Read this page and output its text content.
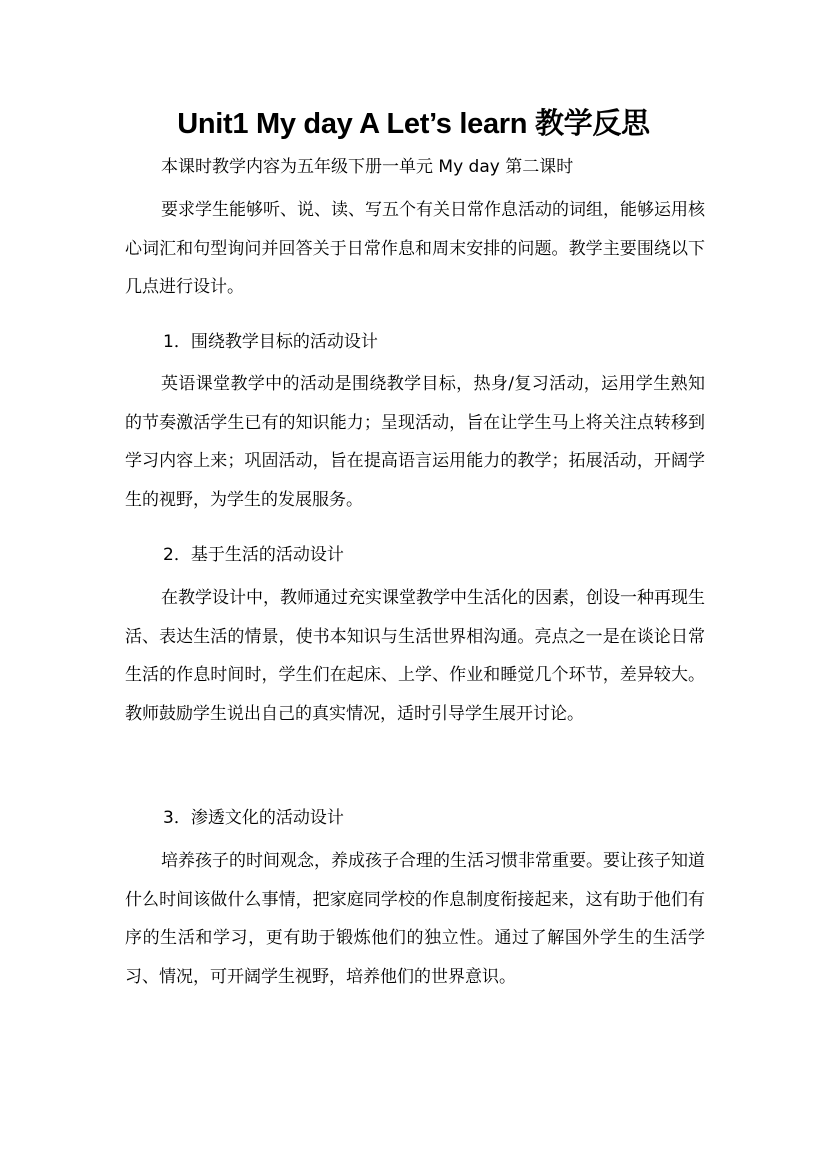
Unit1 My day A Let’s learn 教学反思

本课时教学内容为五年级下册一单元 My day 第二课时

要求学生能够听、说、读、写五个有关日常作息活动的词组，能够运用核心词汇和句型询问并回答关于日常作息和周末安排的问题。教学主要围绕以下几点进行设计。

1．围绕教学目标的活动设计

英语课堂教学中的活动是围绕教学目标，热身/复习活动，运用学生熟知的节奏激活学生已有的知识能力；呈现活动，旨在让学生马上将关注点转移到学习内容上来；巩固活动，旨在提高语言运用能力的教学；拓展活动，开阔学生的视野，为学生的发展服务。

2．基于生活的活动设计

在教学设计中，教师通过充实课堂教学中生活化的因素，创设一种再现生活、表达生活的情景，使书本知识与生活世界相沟通。亮点之一是在谈论日常生活的作息时间时，学生们在起床、上学、作业和睡觉几个环节，差异较大。教师鼓励学生说出自己的真实情况，适时引导学生展开讨论。

3．渗透文化的活动设计

培养孩子的时间观念，养成孩子合理的生活习惯非常重要。要让孩子知道什么时间该做什么事情，把家庭同学校的作息制度衔接起来，这有助于他们有序的生活和学习，更有助于锻炼他们的独立性。通过了解国外学生的生活学习、情况，可开阔学生视野，培养他们的世界意识。
